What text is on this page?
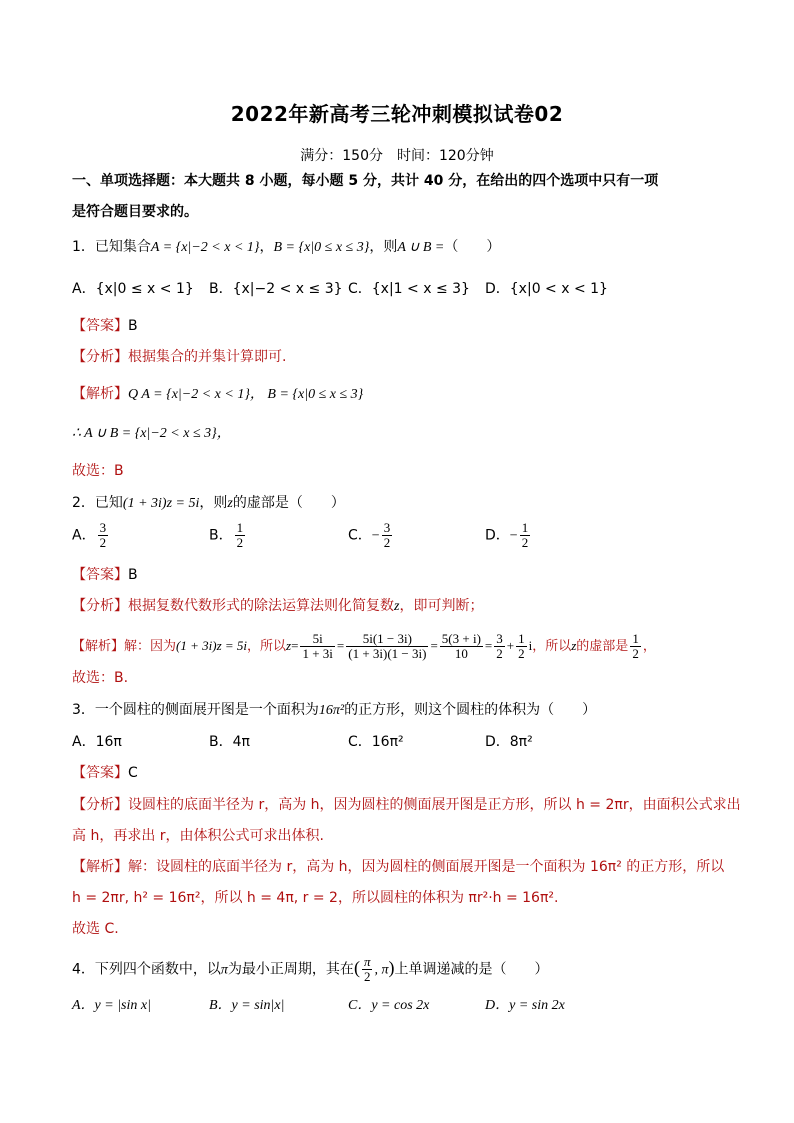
2022年新高考三轮冲刺模拟试卷02
满分：150分　时间：120分钟
一、单项选择题：本大题共 8 小题，每小题 5 分，共计 40 分，在给出的四个选项中只有一项
是符合题目要求的。
1．已知集合A = {x|−2 < x < 1}，B = {x|0 ≤ x ≤ 3}，则A ∪ B =（　　）
A．{x|0 ≤ x < 1} B．{x|−2 < x ≤ 3} C．{x|1 < x ≤ 3} D．{x|0 < x < 1}
【答案】B
【分析】根据集合的并集计算即可.
【解析】Q A = {x|−2 < x < 1}， B = {x|0 ≤ x ≤ 3}
∴ A ∪ B = {x|−2 < x ≤ 3}，
故选：B
2．已知(1 + 3i)z = 5i，则z的虚部是（　　）
A． $\frac{3}{2}$	B． $\frac{1}{2}$	C．− $\frac{3}{2}$	D．− $\frac{1}{2}$
【答案】B
【分析】根据复数代数形式的除法运算法则化简复数z，即可判断；
【解析】解：因为(1 + 3i)z = 5i，所以$z= \frac{5i}{1 + 3i} = \frac{5i(1 - 3i)}{(1 + 3i)(1 - 3i)} = \frac{5(3 + i)}{10} = \frac{3}{2} + \frac{1}{2}$ i，所以z的虚部是 $\frac{1}{2}$ ，
故选：B.
3．一个圆柱的侧面展开图是一个面积为16π²的正方形，则这个圆柱的体积为（　　）
A．16π	B．4π	C．16π²	D．8π²
【答案】C
【分析】设圆柱的底面半径为 r，高为 h，因为圆柱的侧面展开图是正方形，所以 h = 2πr，由面积公式求出
高 h，再求出 r，由体积公式可求出体积.
【解析】解：设圆柱的底面半径为 r，高为 h，因为圆柱的侧面展开图是一个面积为 16π² 的正方形，所以
h = 2πr, h² = 16π²，所以 h = 4π, r = 2，所以圆柱的体积为 πr²·h = 16π².
故选 C.
4．下列四个函数中，以π为最小正周期，其在( $\frac{\pi}{2}$ , π)上单调递减的是（　　）
A．y = |sin x|	B．y = sin|x|	C．y = cos 2x	D．y = sin 2x
